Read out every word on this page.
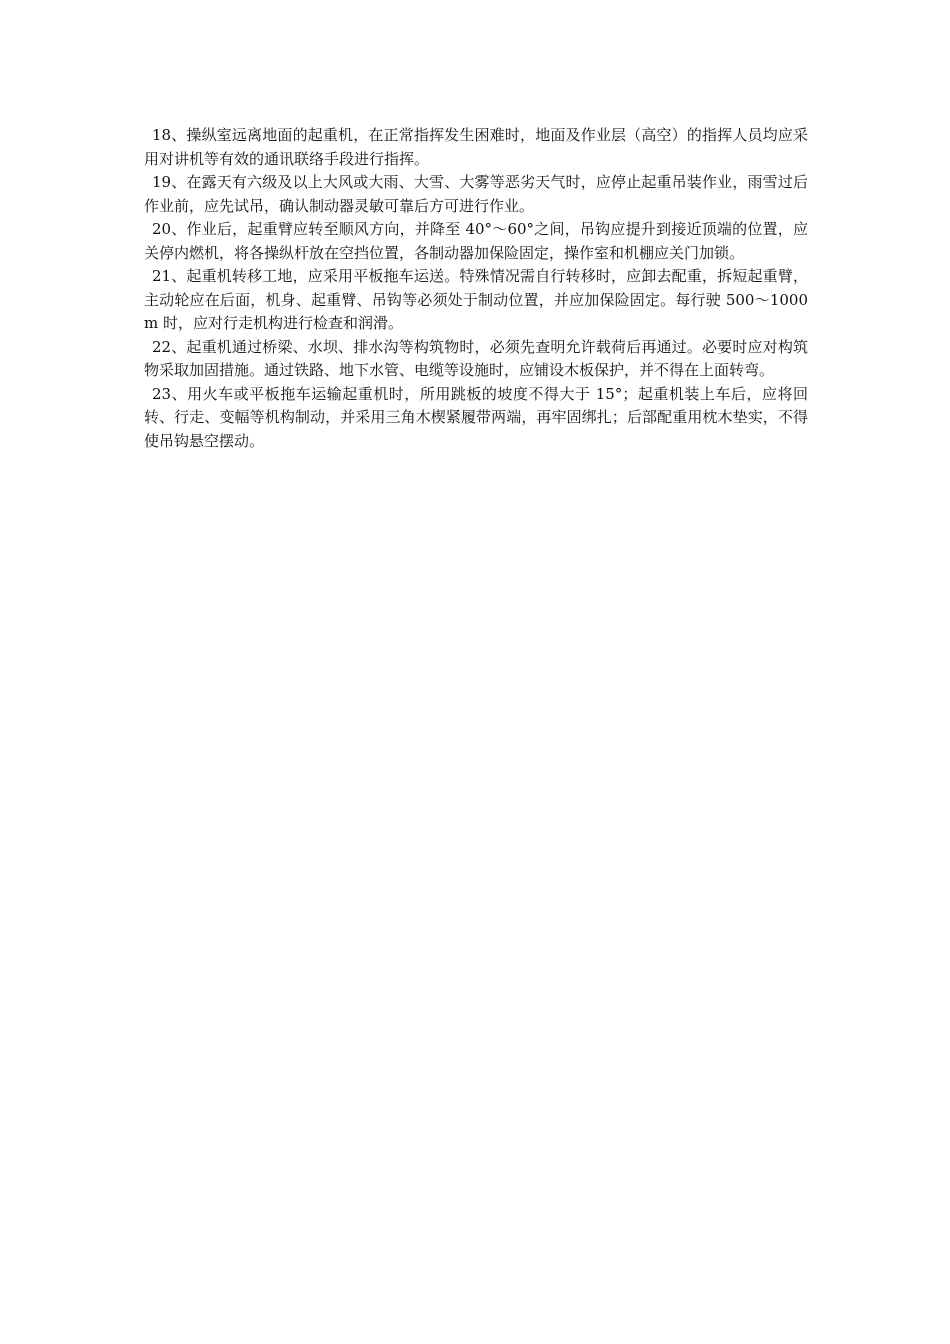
18、操纵室远离地面的起重机，在正常指挥发生困难时，地面及作业层（高空）的指挥人员均应采用对讲机等有效的通讯联络手段进行指挥。

19、在露天有六级及以上大风或大雨、大雪、大雾等恶劣天气时，应停止起重吊装作业，雨雪过后作业前，应先试吊，确认制动器灵敏可靠后方可进行作业。

20、作业后，起重臂应转至顺风方向，并降至 40°～60°之间，吊钩应提升到接近顶端的位置，应关停内燃机，将各操纵杆放在空挡位置，各制动器加保险固定，操作室和机棚应关门加锁。

21、起重机转移工地，应采用平板拖车运送。特殊情况需自行转移时，应卸去配重，拆短起重臂，主动轮应在后面，机身、起重臂、吊钩等必须处于制动位置，并应加保险固定。每行驶 500～1000m 时，应对行走机构进行检查和润滑。

22、起重机通过桥梁、水坝、排水沟等构筑物时，必须先查明允许载荷后再通过。必要时应对构筑物采取加固措施。通过铁路、地下水管、电缆等设施时，应铺设木板保护，并不得在上面转弯。

23、用火车或平板拖车运输起重机时，所用跳板的坡度不得大于 15°；起重机装上车后，应将回转、行走、变幅等机构制动，并采用三角木楔紧履带两端，再牢固绑扎；后部配重用枕木垫实，不得使吊钩悬空摆动。
